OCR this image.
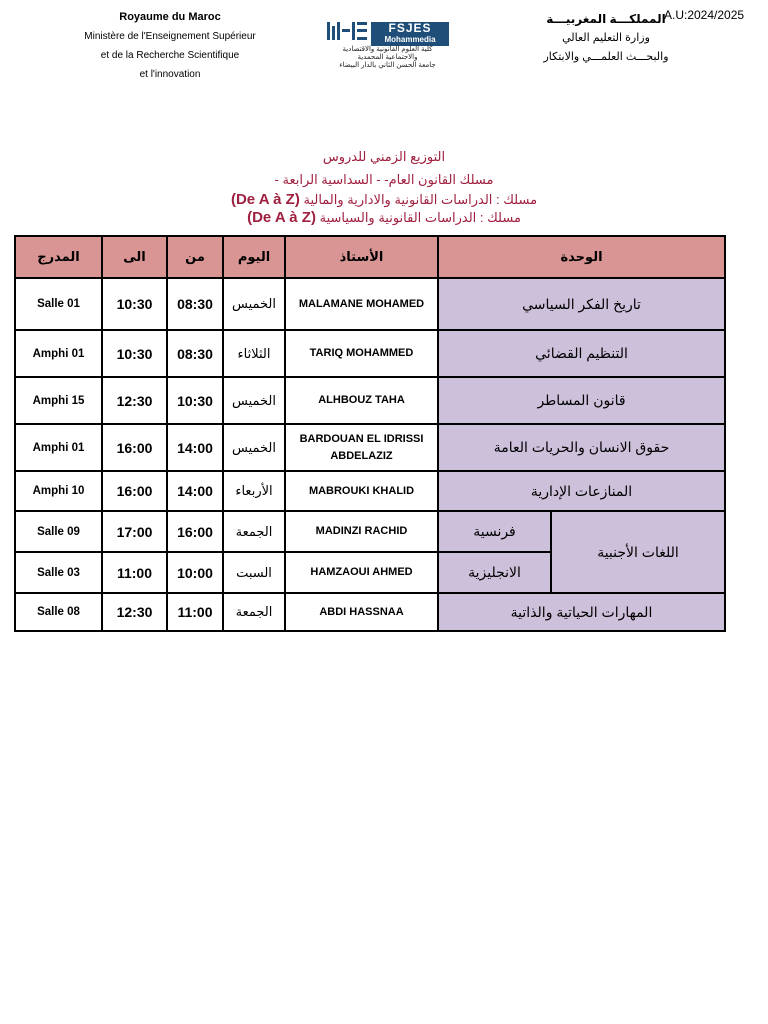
Royaume du Maroc
Ministère de l'Enseignement Supérieur
et de la Recherche Scientifique
et l'innovation
FSJES
Mohammedia
كلية العلوم القانونية والاقتصادية
والاجتماعية المحمدية
جامعة الحسن الثاني بالدار البيضاء
المملكـــة المغربيـــة
وزارة التعليم العالي
والبحـــث العلمـــي والابتكار
A.U:2024/2025
التوزيع الزمني للدروس
مسلك القانون العام- - السداسية الرابعة -
مسلك : الدراسات القانونية والادارية والمالية (De A à Z)
مسلك : الدراسات القانونية والسياسية (De A à Z)
المدرج	الى	من	اليوم	الأستاذ	الوحدة	
Salle 01	10:30	08:30	الخميس	MALAMANE MOHAMED	تاريخ الفكر السياسي	
Amphi 01	10:30	08:30	الثلاثاء	TARIQ MOHAMMED	التنظيم القضائي	
Amphi 15	12:30	10:30	الخميس	ALHBOUZ TAHA	قانون المساطر	
Amphi 01	16:00	14:00	الخميس	BARDOUAN EL IDRISSI ABDELAZIZ	حقوق الانسان والحريات العامة	
Amphi 10	16:00	14:00	الأربعاء	MABROUKI KHALID	المنازعات الإدارية	
Salle 09	17:00	16:00	الجمعة	MADINZI RACHID	فرنسية	اللغات الأجنبية
Salle 03	11:00	10:00	السبت	HAMZAOUI AHMED	الانجليزية	
Salle 08	12:30	11:00	الجمعة	ABDI HASSNAA	المهارات الحياتية والذاتية	
